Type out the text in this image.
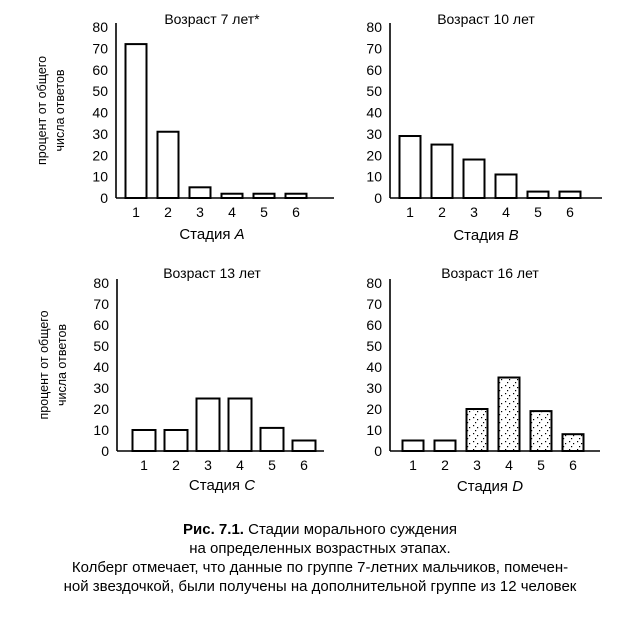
0
10
20
30
40
50
60
70
80
1 2 3 4 5 6
Возраст 7 лет*
Стадия A
процент от общего числа ответов
0
10
20
30
40
50
60
70
80
1 2 3 4 5 6
Возраст 10 лет
Стадия B
0
10
20
30
40
50
60
70
80
1 2 3 4 5 6
Возраст 13 лет
Стадия C
процент от общего числа ответов
0
10
20
30
40
50
60
70
80
1 2 3 4 5 6
Возраст 16 лет
Стадия D
Рис. 7.1. Стадии морального суждения
на определенных возрастных этапах.
Колберг отмечает, что данные по группе 7-летних мальчиков, помечен-
ной звездочкой, были получены на дополнительной группе из 12 человек
